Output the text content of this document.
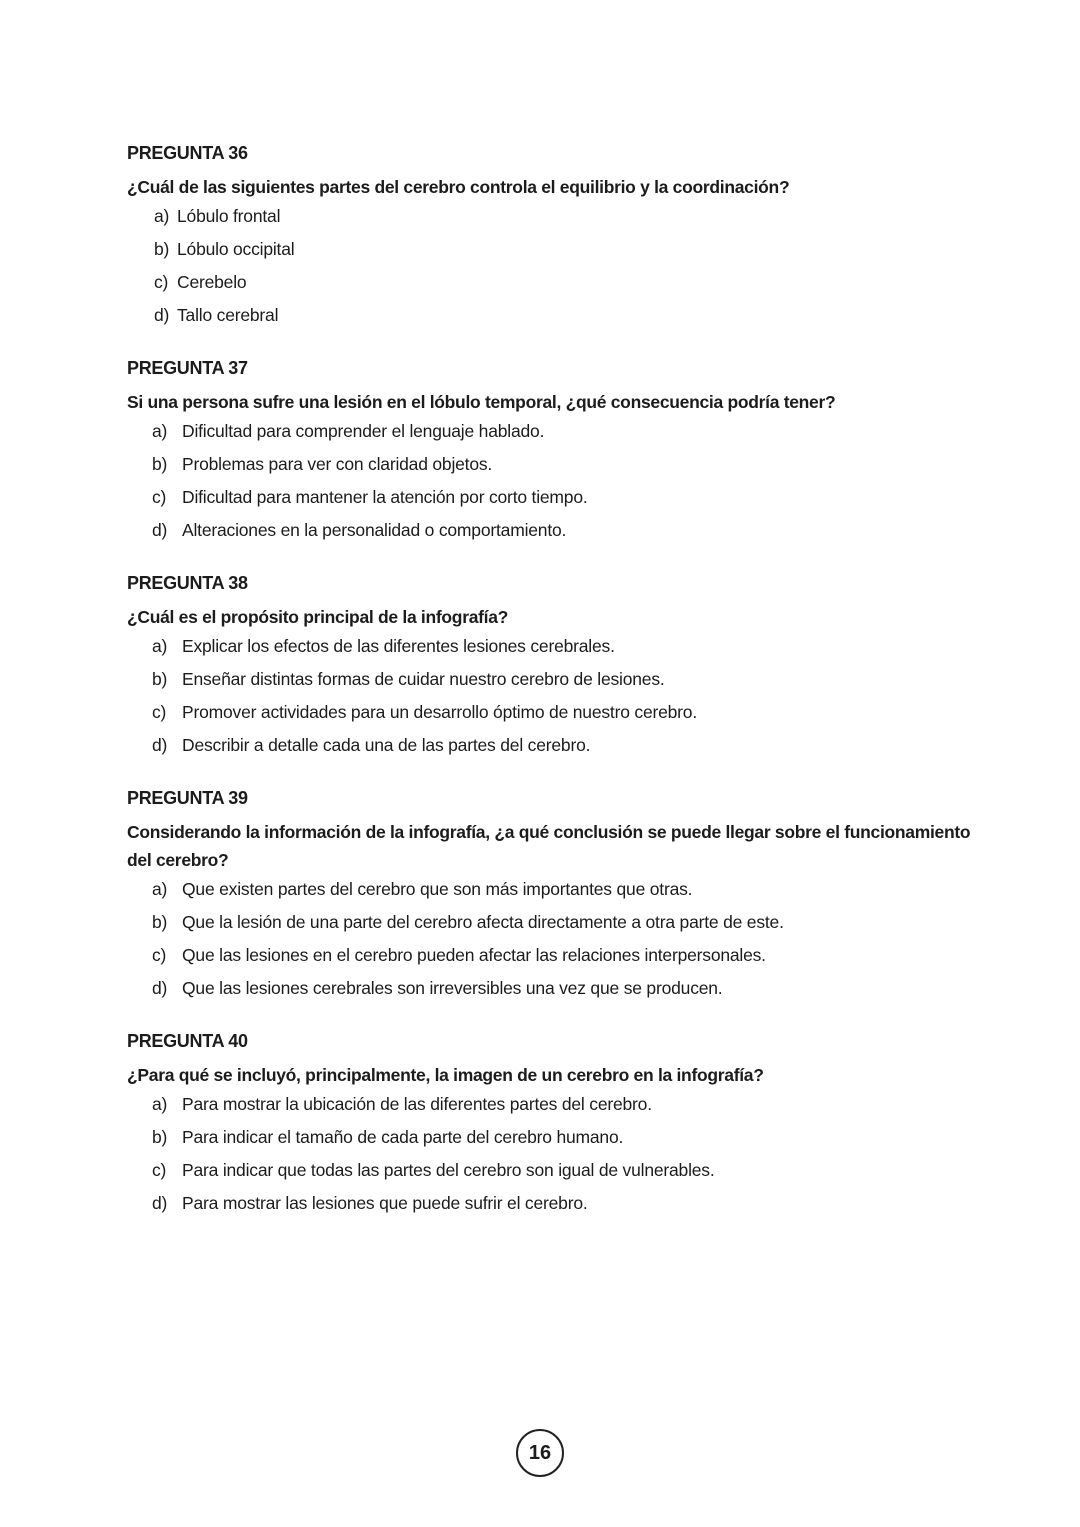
PREGUNTA 36

¿Cuál de las siguientes partes del cerebro controla el equilibrio y la coordinación?

a) Lóbulo frontal
b) Lóbulo occipital
c) Cerebelo
d) Tallo cerebral
PREGUNTA 37

Si una persona sufre una lesión en el lóbulo temporal, ¿qué consecuencia podría tener?

a) Dificultad para comprender el lenguaje hablado.
b) Problemas para ver con claridad objetos.
c) Dificultad para mantener la atención por corto tiempo.
d) Alteraciones en la personalidad o comportamiento.
PREGUNTA 38

¿Cuál es el propósito principal de la infografía?

a) Explicar los efectos de las diferentes lesiones cerebrales.
b) Enseñar distintas formas de cuidar nuestro cerebro de lesiones.
c) Promover actividades para un desarrollo óptimo de nuestro cerebro.
d) Describir a detalle cada una de las partes del cerebro.
PREGUNTA 39

Considerando la información de la infografía, ¿a qué conclusión se puede llegar sobre el funcionamiento del cerebro?

a) Que existen partes del cerebro que son más importantes que otras.
b) Que la lesión de una parte del cerebro afecta directamente a otra parte de este.
c) Que las lesiones en el cerebro pueden afectar las relaciones interpersonales.
d) Que las lesiones cerebrales son irreversibles una vez que se producen.
PREGUNTA 40

¿Para qué se incluyó, principalmente, la imagen de un cerebro en la infografía?

a) Para mostrar la ubicación de las diferentes partes del cerebro.
b) Para indicar el tamaño de cada parte del cerebro humano.
c) Para indicar que todas las partes del cerebro son igual de vulnerables.
d) Para mostrar las lesiones que puede sufrir el cerebro.
16
